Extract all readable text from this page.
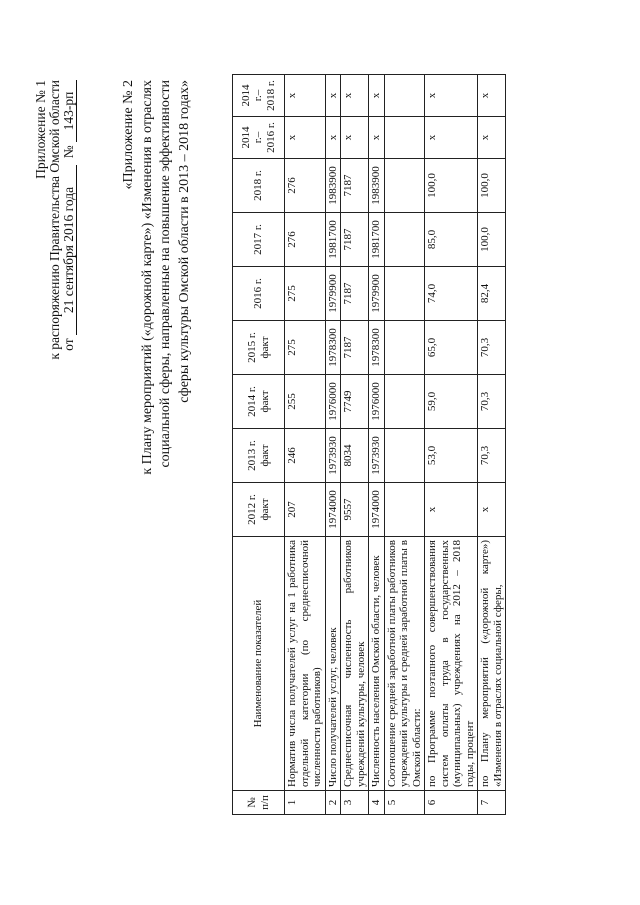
Приложение № 1 к распоряжению Правительства Омской области от 21 сентября 2016 года  № 143-рп	«Приложение № 2 к Плану мероприятий («дорожной карте») «Изменения в отраслях социальной сферы, направленные на повышение эффективности сферы культуры Омской области в 2013 – 2018 годах»
№ п/п	Наименование показателей	2012 г. факт	2013 г. факт	2014 г. факт	2015 г. факт	2016 г.	2017 г.	2018 г.	2014 г.– 2016 г.	2014 г.– 2018 г.
1	Норматив числа получателей услуг на 1 работника отдельной категории (по среднесписочной численности работников)	207	246	255	275	275	276	276	х	х
2	Число получателей услуг, человек	1974000	1973930	1976000	1978300	1979900	1981700	1983900	х	х
3	Среднесписочная численность работников учреждений культуры, человек	9557	8034	7749	7187	7187	7187	7187	х	х
4	Численность населения Омской области, человек	1974000	1973930	1976000	1978300	1979900	1981700	1983900	х	х
5	Соотношение средней заработной платы работников учреждений культуры и средней заработной платы в Омской области:									
6	по Программе поэтапного совершенствования систем оплаты труда в государственных (муниципальных) учреждениях на 2012 – 2018 годы, процент	х	53,0	59,0	65,0	74,0	85,0	100,0	х	х
7	по Плану мероприятий («дорожной карте») «Изменения в отраслях социальной сферы,	х	70,3	70,3	70,3	82,4	100,0	100,0	х	х
